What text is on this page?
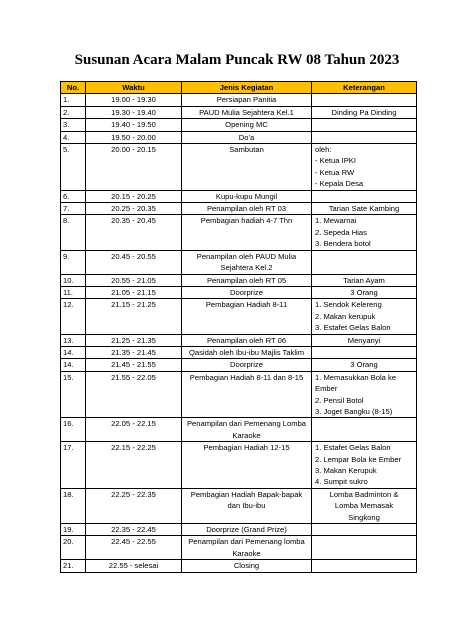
Susunan Acara Malam Puncak RW 08 Tahun 2023
No.	Waktu	Jenis Kegiatan	Keterangan
1.	19.00 - 19.30	Persiapan Panitia	
2.	19.30 - 19.40	PAUD Mulia Sejahtera Kel.1	Dinding Pa Dinding

3.	19.40 - 19.50	Opening MC	
4.	19.50 - 20.00	Do'a	
5.	20.00 - 20.15	Sambutan	oleh:
- Ketua IPKI
- Ketua RW
- Kepala Desa

6.	20.15 - 20.25	Kupu-kupu Mungil	
7.	20.25 - 20.35	Penampilan oleh RT 03	Tarian Sate Kambing

8.	20.35 - 20.45	Pembagian hadiah 4-7 Thn	1. Mewarnai
2. Sepeda Hias
3. Bendera botol

9.	20.45 - 20.55	Penampilan oleh PAUD Mulia Sejahtera Kel.2	
10.	20.55 - 21.05	Penampilan oleh RT 05	Tarian Ayam

11.	21.05 - 21.15	Doorprize	3 Orang

12.	21.15 - 21.25	Pembagian Hadiah 8-11	1. Sendok Kelereng
2. Makan kerupuk
3. Estafet Gelas Balon

13.	21.25 - 21.35	Penampilan oleh RT 06	Menyanyi

14.	21.35 - 21.45	Qasidah oleh Ibu-ibu Majlis Taklim	
14.	21.45 - 21.55	Doorprize	3 Orang

15.	21.55 - 22.05	Pembagian Hadiah 8-11 dan 8-15	1. Memasukkan Bola ke Ember
2. Pensil Botol
3. Joget Bangku (8-15)

16.	22.05 - 22.15	Penampilan dari Pemenang Lomba Karaoke	
17.	22.15 - 22.25	Pembagian Hadiah 12-15	1. Estafet Gelas Balon
2. Lempar Bola ke Ember
3. Makan Kerupuk
4. Sumpit sukro

18.	22.25 - 22.35	Pembagian Hadiah Bapak-bapak dan Ibu-ibu	Lomba Badminton &
Lomba Memasak
Singkong

19.	22.35 - 22.45	Doorprize (Grand Prize)	
20.	22.45 - 22.55	Penampilan dari Pemenang lomba Karaoke	
21.	22.55 - selesai	Closing	
